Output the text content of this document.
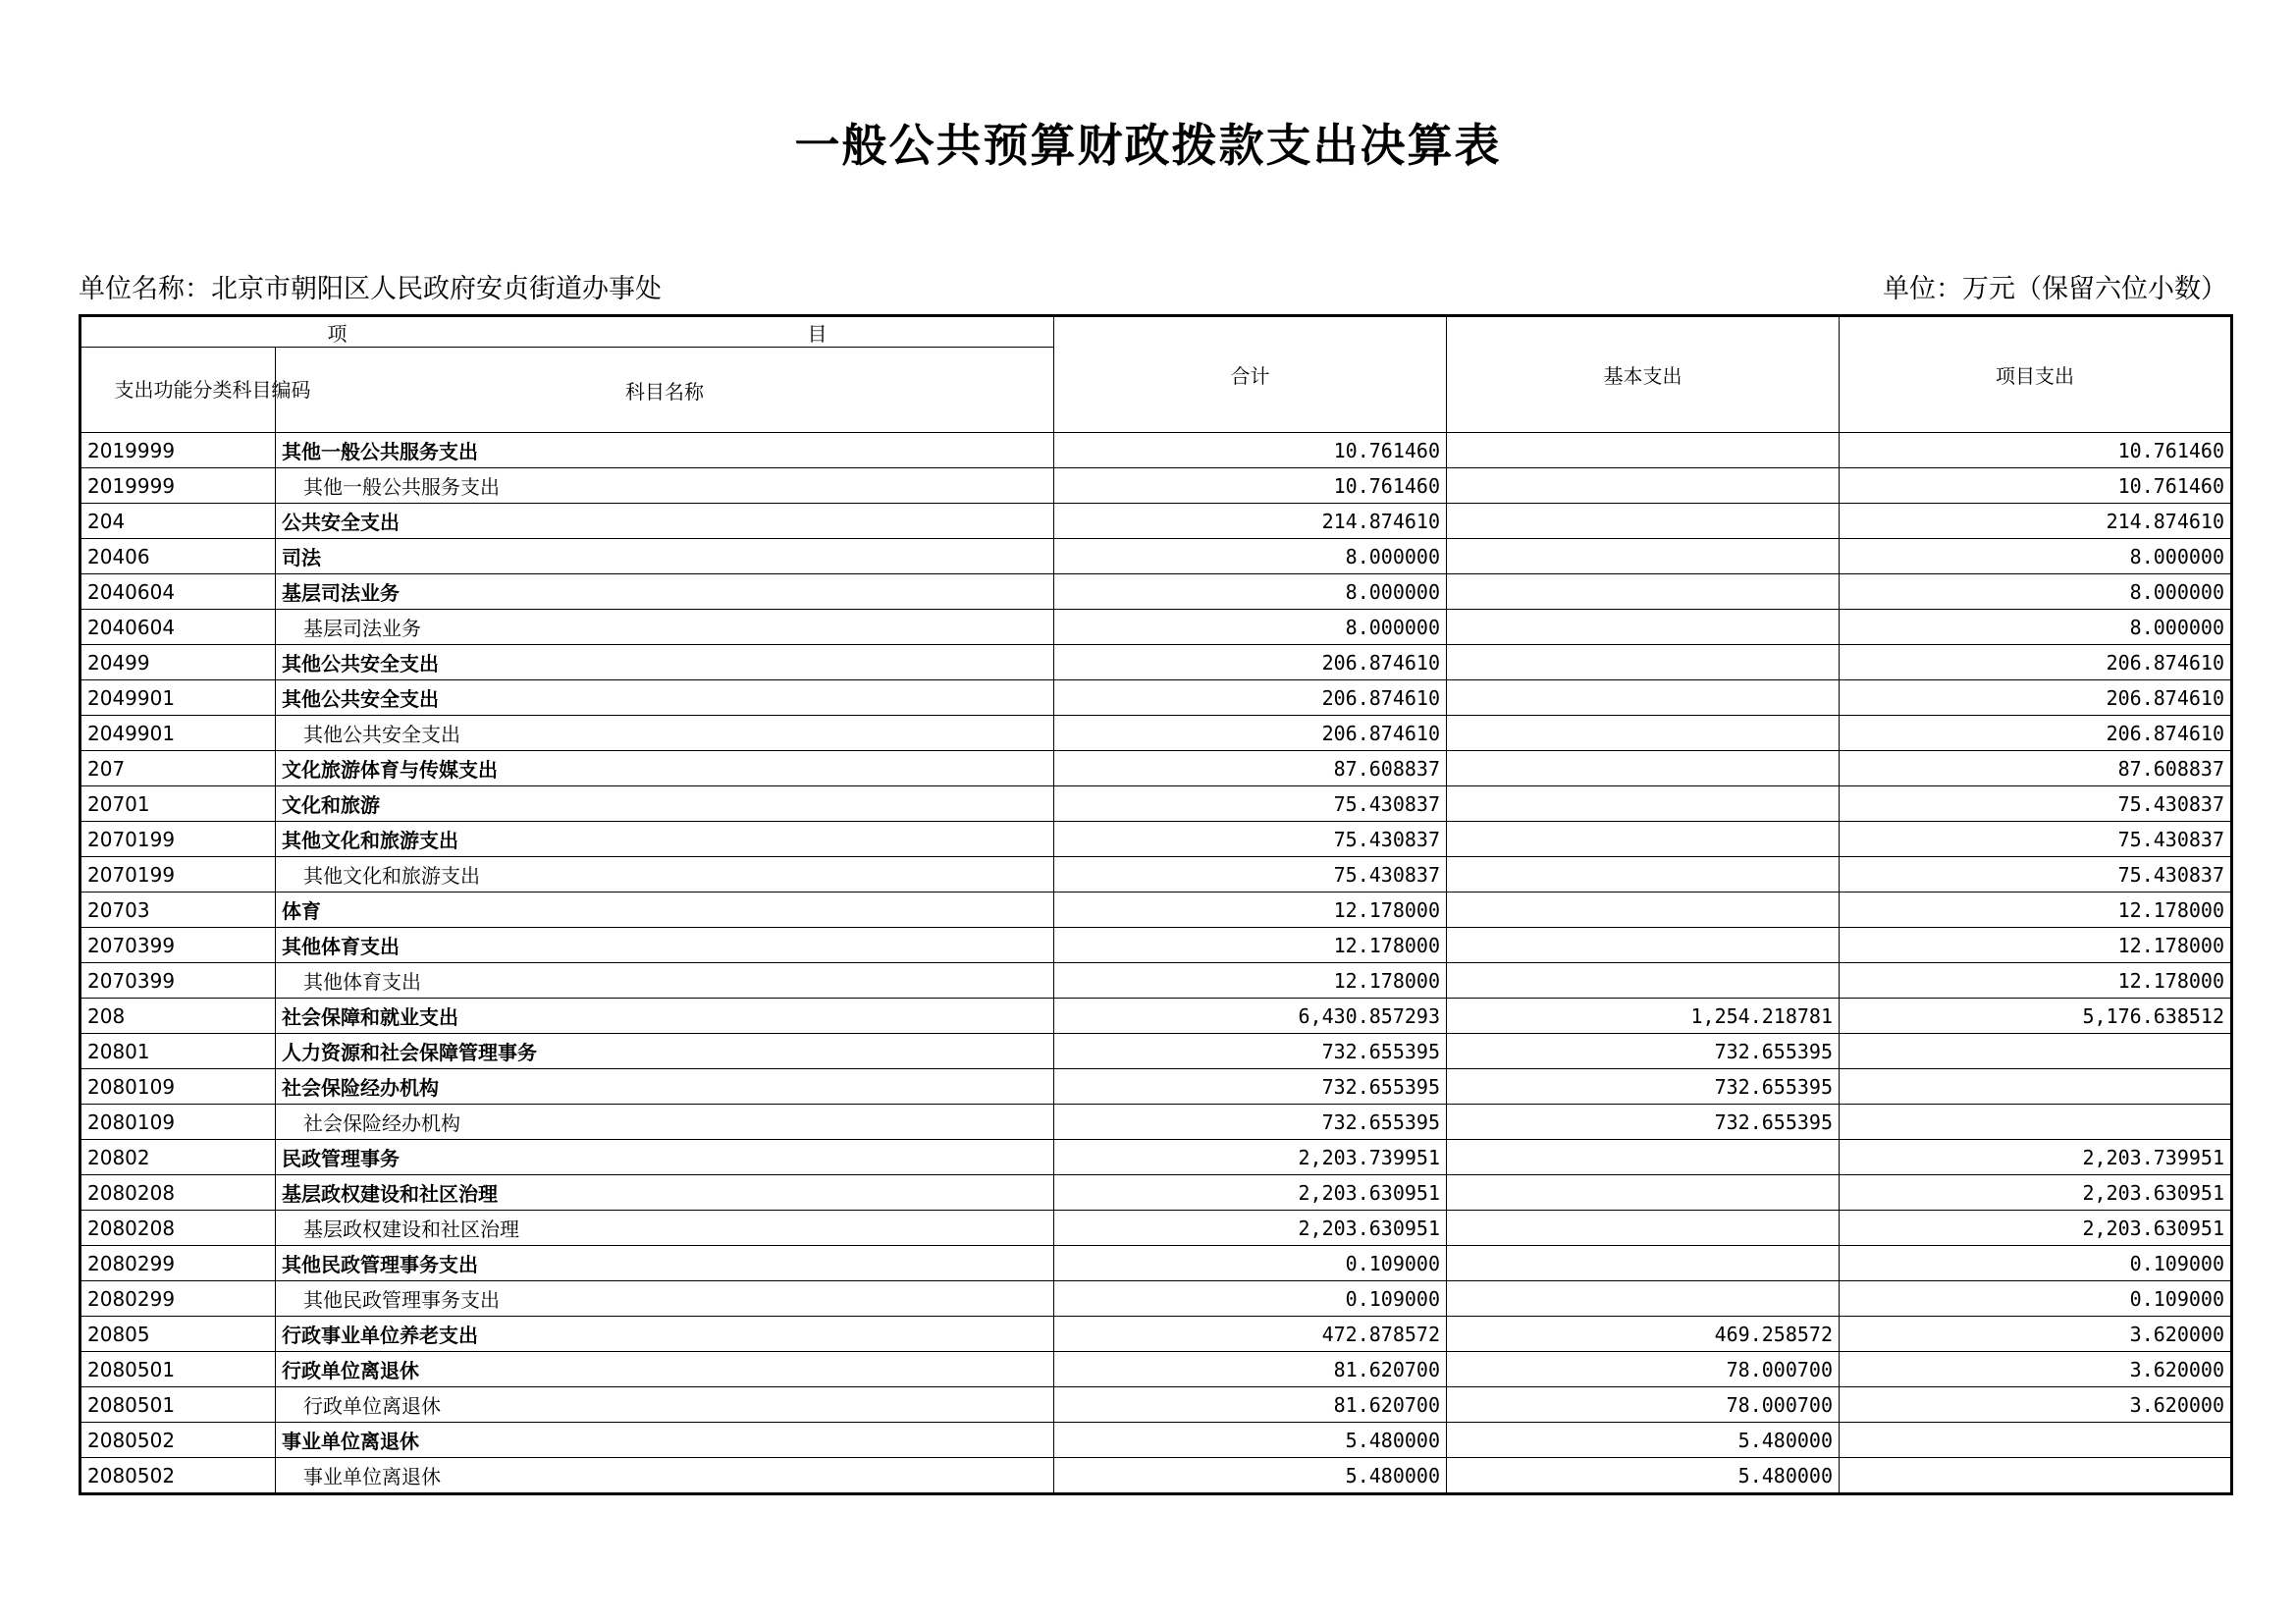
一般公共预算财政拨款支出决算表
单位名称：北京市朝阳区人民政府安贞街道办事处	单位：万元（保留六位小数）
项 目		合计	基本支出	项目支出
支出功能分类科目编码	科目名称			
2019999	其他一般公共服务支出	10.761460		10.761460
2019999	其他一般公共服务支出	10.761460		10.761460
204	公共安全支出	214.874610		214.874610
20406	司法	8.000000		8.000000
2040604	基层司法业务	8.000000		8.000000
2040604	基层司法业务	8.000000		8.000000
20499	其他公共安全支出	206.874610		206.874610
2049901	其他公共安全支出	206.874610		206.874610
2049901	其他公共安全支出	206.874610		206.874610
207	文化旅游体育与传媒支出	87.608837		87.608837
20701	文化和旅游	75.430837		75.430837
2070199	其他文化和旅游支出	75.430837		75.430837
2070199	其他文化和旅游支出	75.430837		75.430837
20703	体育	12.178000		12.178000
2070399	其他体育支出	12.178000		12.178000
2070399	其他体育支出	12.178000		12.178000
208	社会保障和就业支出	6,430.857293	1,254.218781	5,176.638512
20801	人力资源和社会保障管理事务	732.655395	732.655395	
2080109	社会保险经办机构	732.655395	732.655395	
2080109	社会保险经办机构	732.655395	732.655395	
20802	民政管理事务	2,203.739951		2,203.739951
2080208	基层政权建设和社区治理	2,203.630951		2,203.630951
2080208	基层政权建设和社区治理	2,203.630951		2,203.630951
2080299	其他民政管理事务支出	0.109000		0.109000
2080299	其他民政管理事务支出	0.109000		0.109000
20805	行政事业单位养老支出	472.878572	469.258572	3.620000
2080501	行政单位离退休	81.620700	78.000700	3.620000
2080501	行政单位离退休	81.620700	78.000700	3.620000
2080502	事业单位离退休	5.480000	5.480000	
2080502	事业单位离退休	5.480000	5.480000	
